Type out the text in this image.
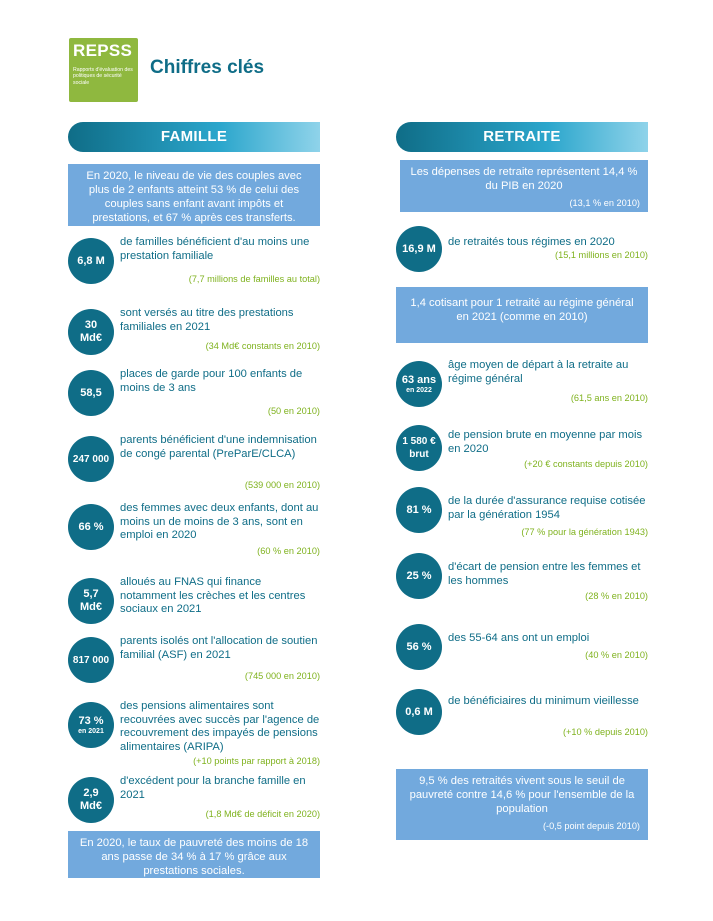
REPSS
Rapports d'évaluation des politiques de sécurité sociale
Chiffres clés
FAMILLE
En 2020, le niveau de vie des couples avec plus de 2 enfants atteint 53 % de celui des couples sans enfant avant impôts et prestations, et 67 % après ces transferts.
6,8 M
de familles bénéficient d'au moins une prestation familiale
(7,7 millions de familles au total)
30 Md€
sont versés au titre des prestations familiales en 2021
(34 Md€ constants en 2010)
58,5
places de garde pour 100 enfants de moins de 3 ans
(50 en 2010)
247 000
parents bénéficient d'une indemnisation de congé parental (PreParE/CLCA)
(539 000 en 2010)
66 %
des femmes avec deux enfants, dont au moins un de moins de 3 ans, sont en emploi en 2020
(60 % en 2010)
5,7 Md€
alloués au FNAS qui finance notamment les crèches et les centres sociaux en 2021
817 000
parents isolés ont l'allocation de soutien familial (ASF) en 2021
(745 000 en 2010)
73 %
en 2021
des pensions alimentaires sont recouvrées avec succès par l'agence de recouvrement des impayés de pensions alimentaires (ARIPA)
(+10 points par rapport à 2018)
2,9 Md€
d'excédent pour la branche famille en 2021
(1,8 Md€ de déficit en 2020)
En 2020, le taux de pauvreté des moins de 18 ans passe de 34 % à 17 % grâce aux prestations sociales.
RETRAITE
Les dépenses de retraite représentent 14,4 % du PIB en 2020
(13,1 % en 2010)
16,9 M
de retraités tous régimes en 2020
(15,1 millions en 2010)
1,4 cotisant pour 1 retraité au régime général en 2021 (comme en 2010)
63 ans
en 2022
âge moyen de départ à la retraite au régime général
(61,5 ans en 2010)
1 580 € brut
de pension brute en moyenne par mois en 2020
(+20 € constants depuis 2010)
81 %
de la durée d'assurance requise cotisée par la génération 1954
(77 % pour la génération 1943)
25 %
d'écart de pension entre les femmes et les hommes
(28 % en 2010)
56 %
des 55-64 ans ont un emploi
(40 % en 2010)
0,6 M
de bénéficiaires du minimum vieillesse
(+10 % depuis 2010)
9,5 % des retraités vivent sous le seuil de pauvreté contre 14,6 % pour l'ensemble de la population
(-0,5 point depuis 2010)
